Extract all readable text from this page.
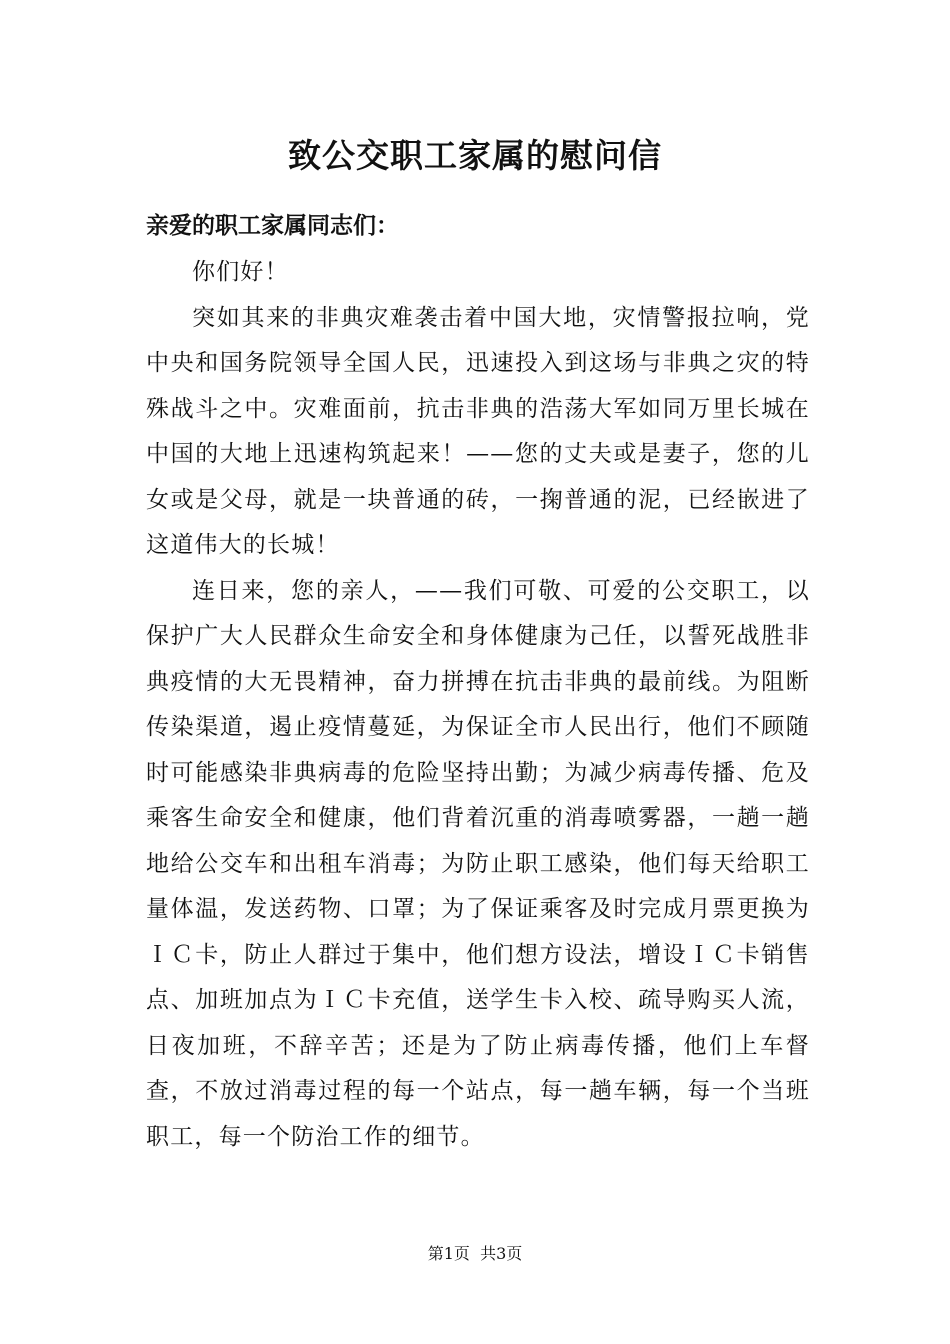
致公交职工家属的慰问信
亲爱的职工家属同志们：

你们好！

突如其来的非典灾难袭击着中国大地，灾情警报拉响，党中央和国务院领导全国人民，迅速投入到这场与非典之灾的特殊战斗之中。灾难面前，抗击非典的浩荡大军如同万里长城在中国的大地上迅速构筑起来！——您的丈夫或是妻子，您的儿女或是父母，就是一块普通的砖，一掬普通的泥，已经嵌进了这道伟大的长城！

连日来，您的亲人，——我们可敬、可爱的公交职工，以保护广大人民群众生命安全和身体健康为己任，以誓死战胜非典疫情的大无畏精神，奋力拼搏在抗击非典的最前线。为阻断传染渠道，遏止疫情蔓延，为保证全市人民出行，他们不顾随时可能感染非典病毒的危险坚持出勤；为减少病毒传播、危及乘客生命安全和健康，他们背着沉重的消毒喷雾器，一趟一趟地给公交车和出租车消毒；为防止职工感染，他们每天给职工量体温，发送药物、口罩；为了保证乘客及时完成月票更换为ＩＣ卡，防止人群过于集中，他们想方设法，增设ＩＣ卡销售点、加班加点为ＩＣ卡充值，送学生卡入校、疏导购买人流，日夜加班，不辞辛苦；还是为了防止病毒传播，他们上车督查，不放过消毒过程的每一个站点，每一趟车辆，每一个当班职工，每一个防治工作的细节。

第1页 共3页
